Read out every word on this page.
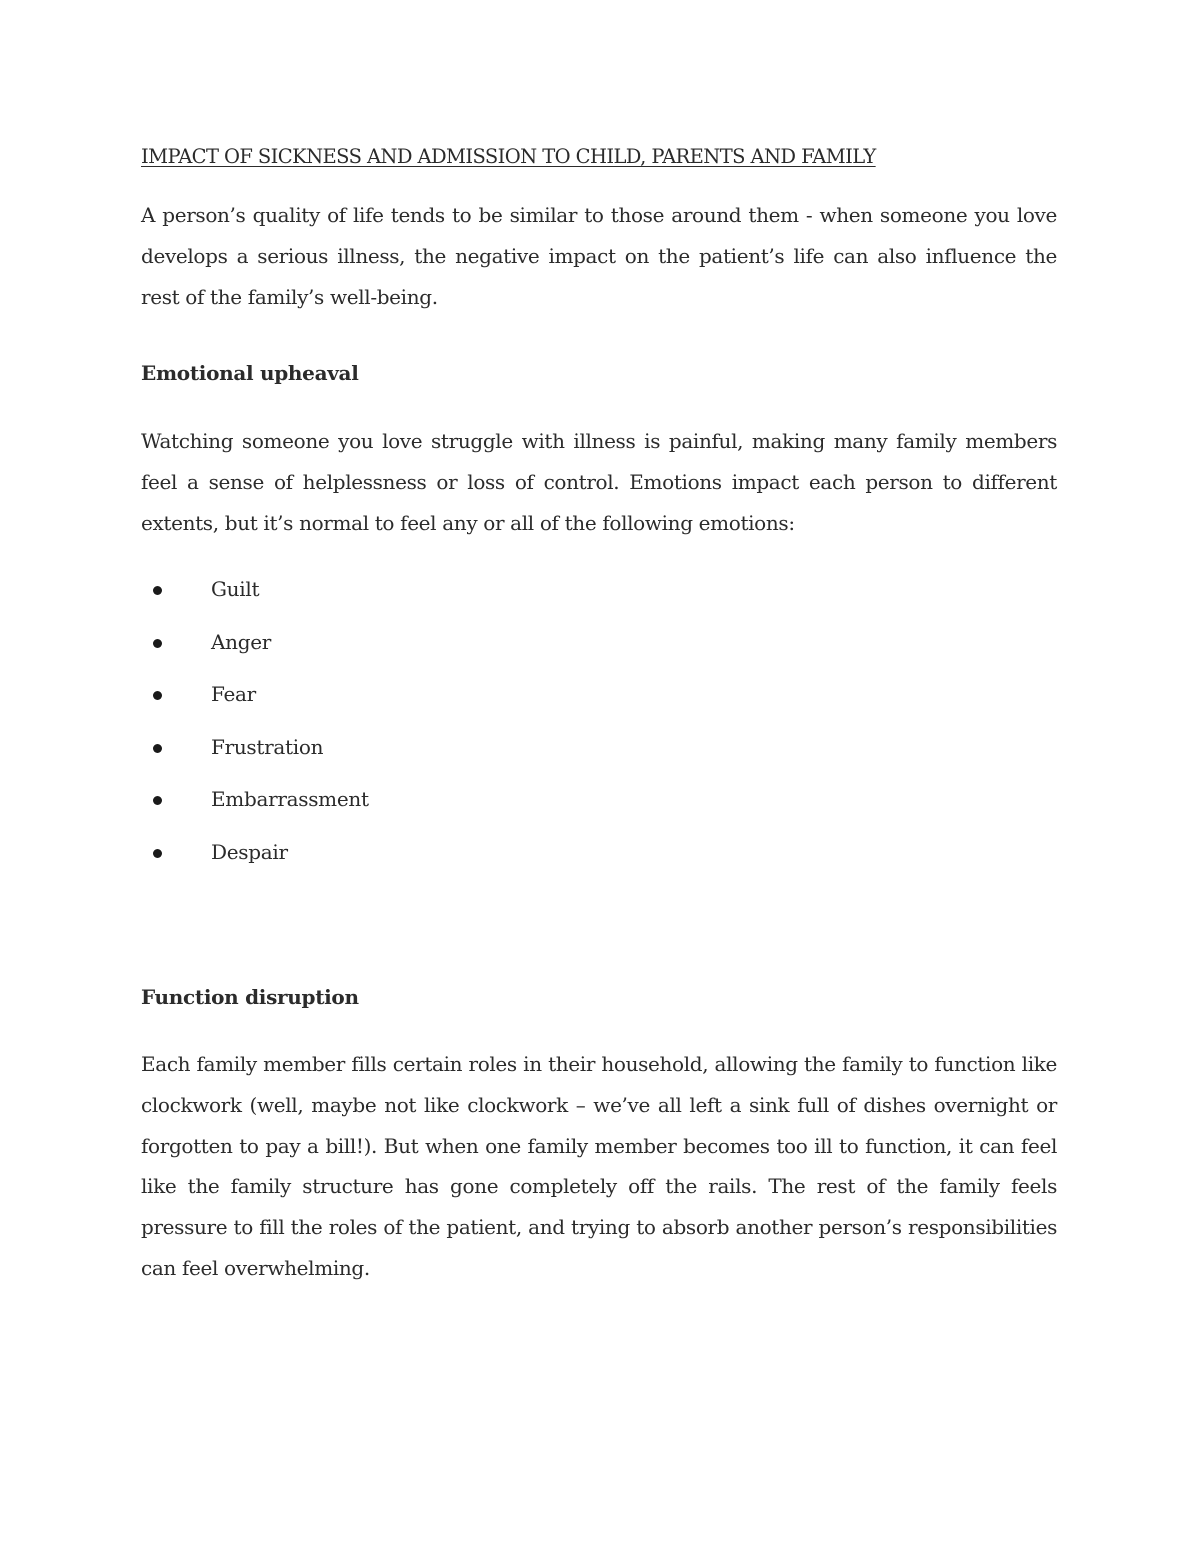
IMPACT OF SICKNESS AND ADMISSION TO CHILD, PARENTS AND FAMILY

A person’s quality of life tends to be similar to those around them - when someone you love develops a serious illness, the negative impact on the patient’s life can also influence the rest of the family’s well-being.

Emotional upheaval

Watching someone you love struggle with illness is painful, making many family members feel a sense of helplessness or loss of control. Emotions impact each person to different extents, but it’s normal to feel any or all of the following emotions:

Guilt
Anger
Fear
Frustration
Embarrassment
Despair
Function disruption

Each family member fills certain roles in their household, allowing the family to function like clockwork (well, maybe not like clockwork – we’ve all left a sink full of dishes overnight or forgotten to pay a bill!). But when one family member becomes too ill to function, it can feel like the family structure has gone completely off the rails. The rest of the family feels pressure to fill the roles of the patient, and trying to absorb another person’s responsibilities can feel overwhelming.
